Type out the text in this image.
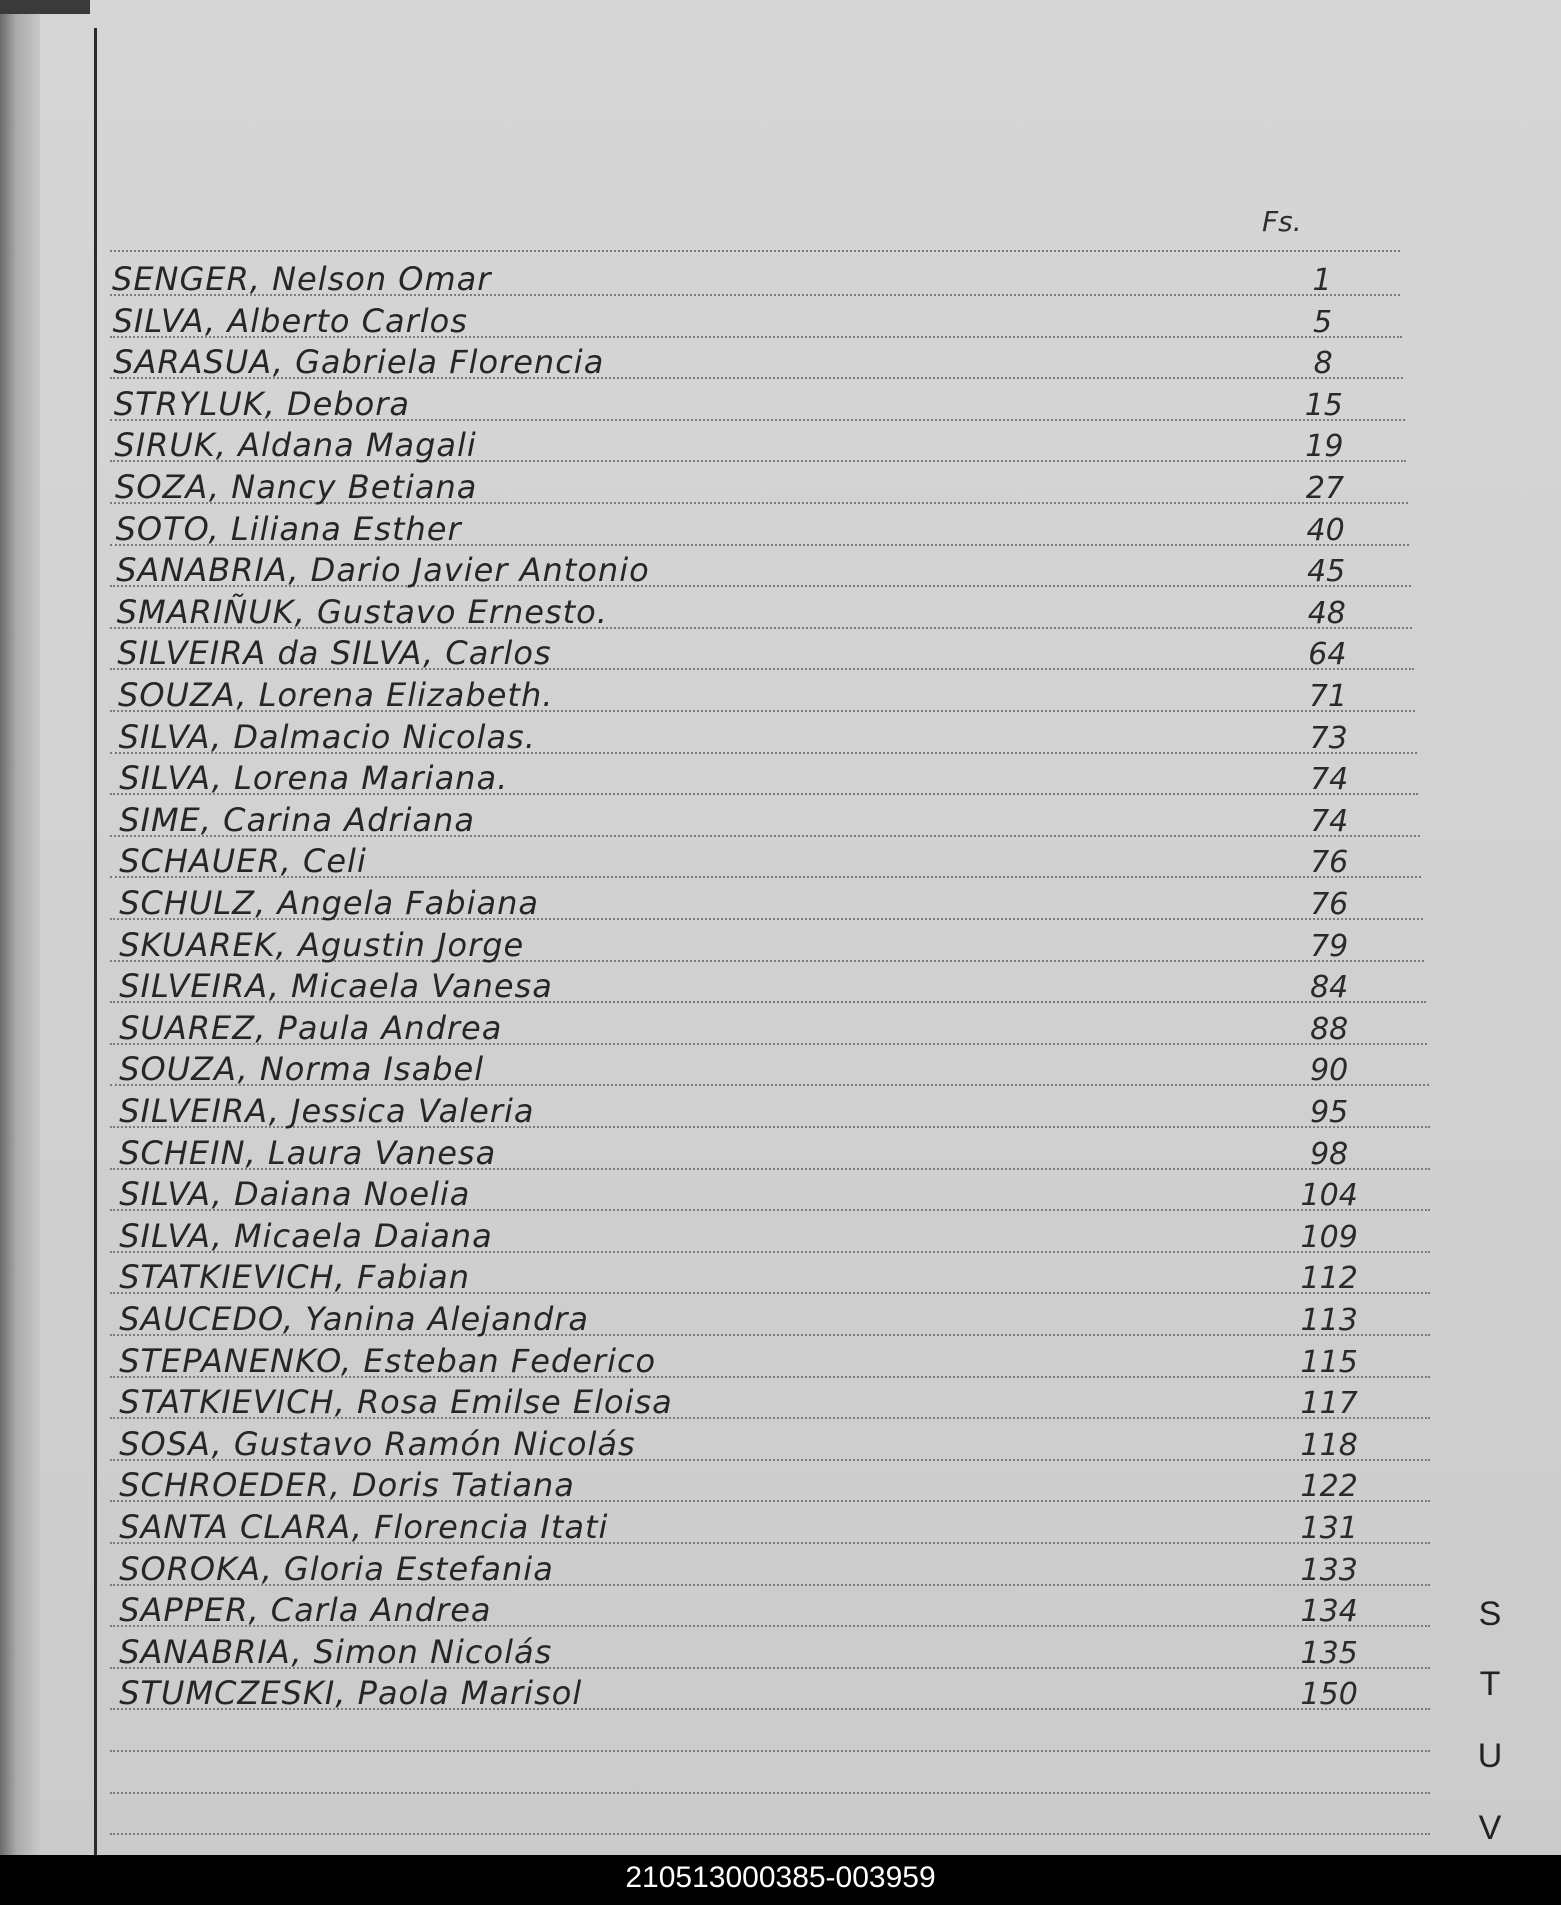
Fs.
SENGER, Nelson Omar	1
SILVA, Alberto Carlos	5
SARASUA, Gabriela Florencia	8
STRYLUK, Debora	15
SIRUK, Aldana Magali	19
SOZA, Nancy Betiana	27
SOTO, Liliana Esther	40
SANABRIA, Dario Javier Antonio	45
SMARIÑUK, Gustavo Ernesto.	48
SILVEIRA da SILVA, Carlos	64
SOUZA, Lorena Elizabeth.	71
SILVA, Dalmacio Nicolas.	73
SILVA, Lorena Mariana.	74
SIME, Carina Adriana	74
SCHAUER, Celi	76
SCHULZ, Angela Fabiana	76
SKUAREK, Agustin Jorge	79
SILVEIRA, Micaela Vanesa	84
SUAREZ, Paula Andrea	88
SOUZA, Norma Isabel	90
SILVEIRA, Jessica Valeria	95
SCHEIN, Laura Vanesa	98
SILVA, Daiana Noelia	104
SILVA, Micaela Daiana	109
STATKIEVICH, Fabian	112
SAUCEDO, Yanina Alejandra	113
STEPANENKO, Esteban Federico	115
STATKIEVICH, Rosa Emilse Eloisa	117
SOSA, Gustavo Ramón Nicolás	118
SCHROEDER, Doris Tatiana	122
SANTA CLARA, Florencia Itati	131
SOROKA, Gloria Estefania	133
SAPPER, Carla Andrea	134
SANABRIA, Simon Nicolás	135
STUMCZESKI, Paola Marisol	150
S
T
U
V
210513000385-003959
